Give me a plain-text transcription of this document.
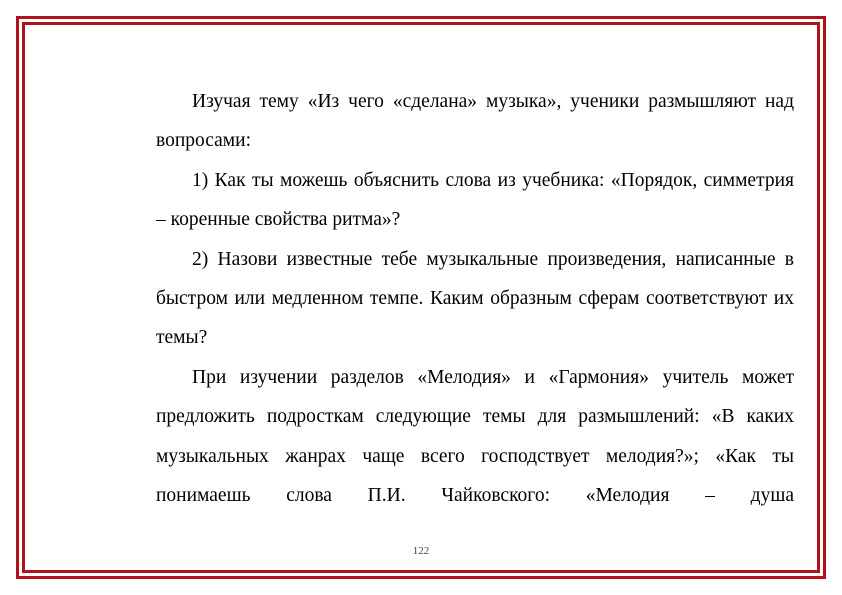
Изучая тему «Из чего «сделана» музыка», ученики размышляют над вопросами:

1) Как ты можешь объяснить слова из учебника: «Порядок, симметрия – коренные свойства ритма»?

2) Назови известные тебе музыкальные произведения, написанные в быстром или медленном темпе. Каким образным сферам соответствуют их темы?

При изучении разделов «Мелодия» и «Гармония» учитель может предложить подросткам следующие темы для размышлений: «В каких музыкальных жанрах чаще всего господствует мелодия?»; «Как ты понимаешь слова П.И. Чайковского: «Мелодия – душа

122
